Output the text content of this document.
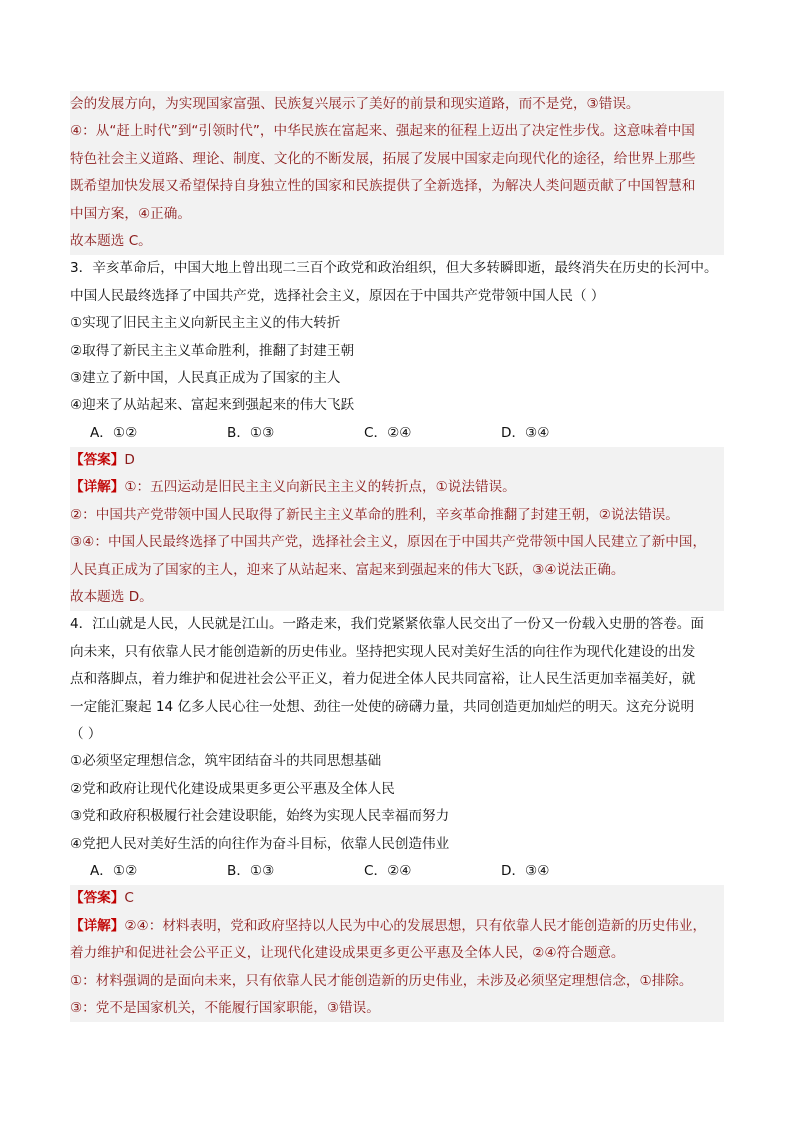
会的发展方向，为实现国家富强、民族复兴展示了美好的前景和现实道路，而不是党，③错误。
④：从“赶上时代”到“引领时代”，中华民族在富起来、强起来的征程上迈出了决定性步伐。这意味着中国
特色社会主义道路、理论、制度、文化的不断发展，拓展了发展中国家走向现代化的途径，给世界上那些
既希望加快发展又希望保持自身独立性的国家和民族提供了全新选择，为解决人类问题贡献了中国智慧和
中国方案，④正确。
故本题选 C。
3．辛亥革命后，中国大地上曾出现二三百个政党和政治组织，但大多转瞬即逝，最终消失在历史的长河中。
中国人民最终选择了中国共产党，选择社会主义，原因在于中国共产党带领中国人民（ ）
①实现了旧民主主义向新民主主义的伟大转折
②取得了新民主主义革命胜利，推翻了封建王朝
③建立了新中国，人民真正成为了国家的主人
④迎来了从站起来、富起来到强起来的伟大飞跃
A．①②	B．①③	C．②④	D．③④
【答案】D
【详解】①：五四运动是旧民主主义向新民主主义的转折点，①说法错误。
②：中国共产党带领中国人民取得了新民主主义革命的胜利，辛亥革命推翻了封建王朝，②说法错误。
③④：中国人民最终选择了中国共产党，选择社会主义，原因在于中国共产党带领中国人民建立了新中国，
人民真正成为了国家的主人，迎来了从站起来、富起来到强起来的伟大飞跃，③④说法正确。
故本题选 D。
4．江山就是人民，人民就是江山。一路走来，我们党紧紧依靠人民交出了一份又一份载入史册的答卷。面
向未来，只有依靠人民才能创造新的历史伟业。坚持把实现人民对美好生活的向往作为现代化建设的出发
点和落脚点，着力维护和促进社会公平正义，着力促进全体人民共同富裕，让人民生活更加幸福美好，就
一定能汇聚起 14 亿多人民心往一处想、劲往一处使的磅礴力量，共同创造更加灿烂的明天。这充分说明
（ ）
①必须坚定理想信念，筑牢团结奋斗的共同思想基础
②党和政府让现代化建设成果更多更公平惠及全体人民
③党和政府积极履行社会建设职能，始终为实现人民幸福而努力
④党把人民对美好生活的向往作为奋斗目标，依靠人民创造伟业
A．①②	B．①③	C．②④	D．③④
【答案】C
【详解】②④：材料表明，党和政府坚持以人民为中心的发展思想，只有依靠人民才能创造新的历史伟业，
着力维护和促进社会公平正义，让现代化建设成果更多更公平惠及全体人民，②④符合题意。
①：材料强调的是面向未来，只有依靠人民才能创造新的历史伟业，未涉及必须坚定理想信念，①排除。
③：党不是国家机关，不能履行国家职能，③错误。
